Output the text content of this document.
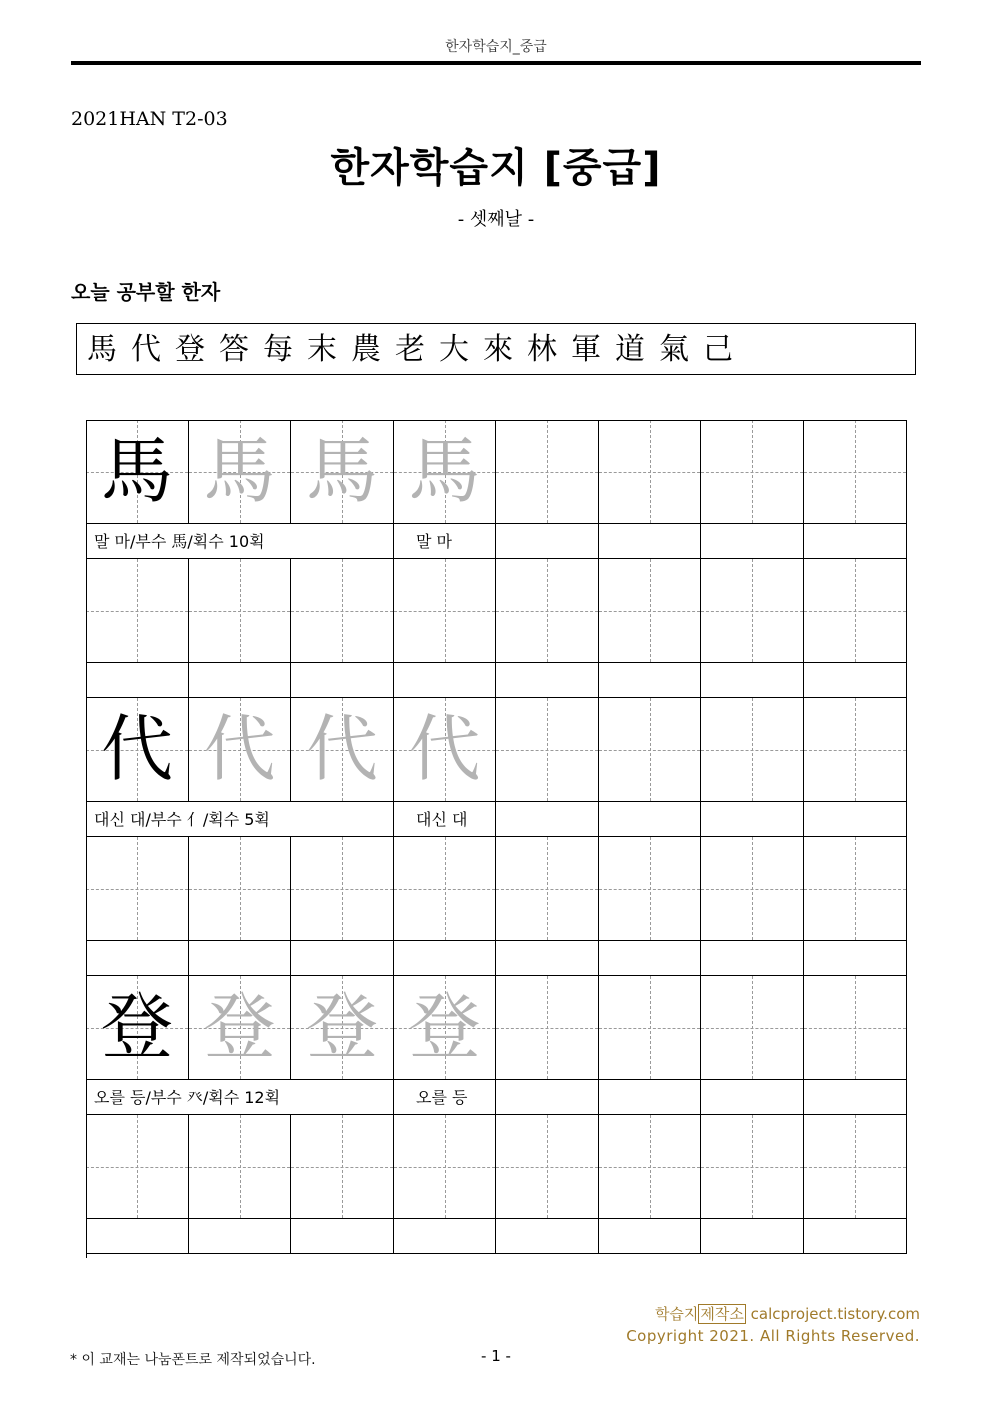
한자학습지_중급
2021HAN T2-03
한자학습지 [중급]
- 셋째날 -
오늘 공부할 한자
馬代登答每末農老大來林軍道氣己
馬 馬 馬 馬
말 마/부수 馬/획수 10획	말 마
代 代 代 代
대신 대/부수 亻/획수 5획	대신 대
登 登 登 登
오를 등/부수 癶/획수 12획	오를 등
학습지 제작소 calcproject.tistory.com
Copyright 2021. All Rights Reserved.
* 이 교재는 나눔폰트로 제작되었습니다.	- 1 -
